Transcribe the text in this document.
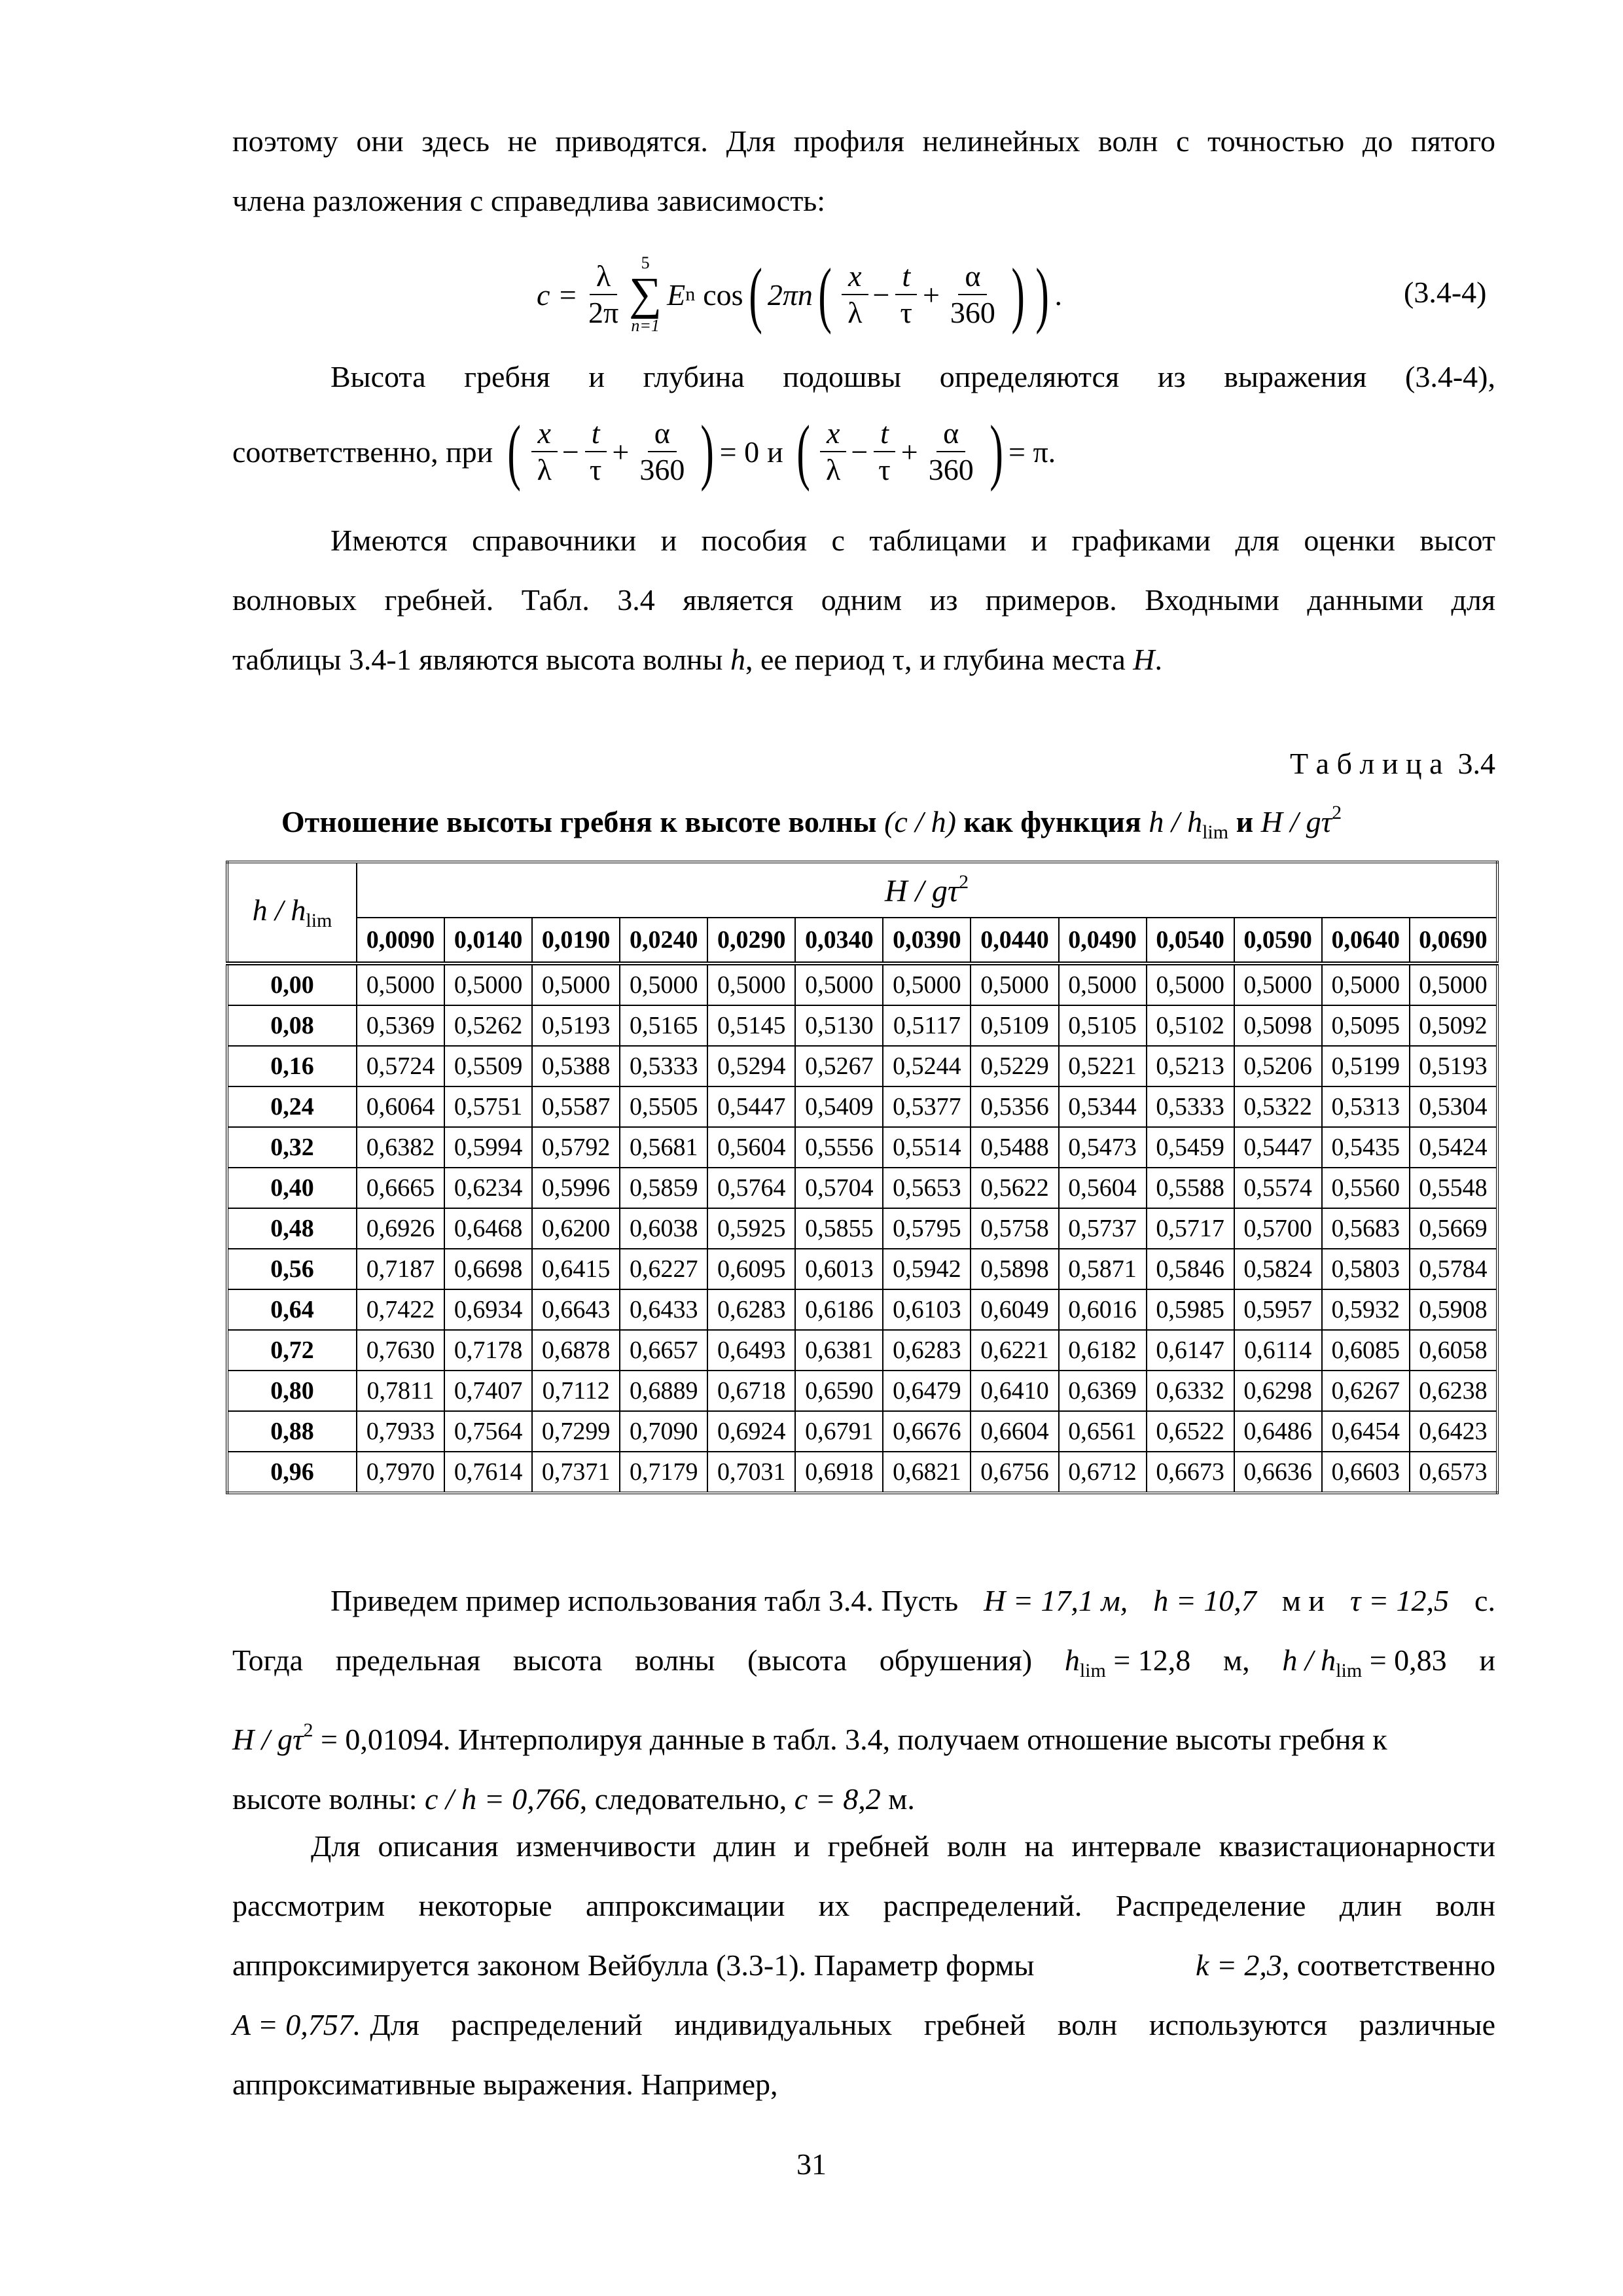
поэтому они здесь не приводятся. Для профиля нелинейных волн с точностью до пятого
члена разложения c справедлива зависимость:
$c = \frac{\lambda}{2\pi} 5$
∑
n=1
E n cos ( 2πn ( $\frac{x}{\lambda} - \frac{t}{\tau} + \frac{\alpha}{360}$ ) ) .	(3.4-4)
Высота гребня и глубина подошвы определяются из выражения (3.4-4),
соответственно, при ( $\frac{x}{\lambda} - \frac{t}{\tau} + \frac{\alpha}{360}$ ) = 0 и ( $\frac{x}{\lambda} - \frac{t}{\tau} + \frac{\alpha}{360}$ ) = π.
Имеются справочники и пособия с таблицами и графиками для оценки высот
волновых гребней. Табл. 3.4 является одним из примеров. Входными данными для
таблицы 3.4-1 являются высота волны h, ее период τ, и глубина места H.
Т а б л и ц а  3.4
Отношение высоты гребня к высоте волны (c / h) как функция h / $h_{lim}$ и H / $g\tau^2$
h / $h_{lim}$	H / $g\tau^2$
	0,0090	0,0140	0,0190	0,0240	0,0290	0,0340	0,0390	0,0440	0,0490	0,0540	0,0590	0,0640	0,0690
0,00	0,5000	0,5000	0,5000	0,5000	0,5000	0,5000	0,5000	0,5000	0,5000	0,5000	0,5000	0,5000	0,5000
0,08	0,5369	0,5262	0,5193	0,5165	0,5145	0,5130	0,5117	0,5109	0,5105	0,5102	0,5098	0,5095	0,5092
0,16	0,5724	0,5509	0,5388	0,5333	0,5294	0,5267	0,5244	0,5229	0,5221	0,5213	0,5206	0,5199	0,5193
0,24	0,6064	0,5751	0,5587	0,5505	0,5447	0,5409	0,5377	0,5356	0,5344	0,5333	0,5322	0,5313	0,5304
0,32	0,6382	0,5994	0,5792	0,5681	0,5604	0,5556	0,5514	0,5488	0,5473	0,5459	0,5447	0,5435	0,5424
0,40	0,6665	0,6234	0,5996	0,5859	0,5764	0,5704	0,5653	0,5622	0,5604	0,5588	0,5574	0,5560	0,5548
0,48	0,6926	0,6468	0,6200	0,6038	0,5925	0,5855	0,5795	0,5758	0,5737	0,5717	0,5700	0,5683	0,5669
0,56	0,7187	0,6698	0,6415	0,6227	0,6095	0,6013	0,5942	0,5898	0,5871	0,5846	0,5824	0,5803	0,5784
0,64	0,7422	0,6934	0,6643	0,6433	0,6283	0,6186	0,6103	0,6049	0,6016	0,5985	0,5957	0,5932	0,5908
0,72	0,7630	0,7178	0,6878	0,6657	0,6493	0,6381	0,6283	0,6221	0,6182	0,6147	0,6114	0,6085	0,6058
0,80	0,7811	0,7407	0,7112	0,6889	0,6718	0,6590	0,6479	0,6410	0,6369	0,6332	0,6298	0,6267	0,6238
0,88	0,7933	0,7564	0,7299	0,7090	0,6924	0,6791	0,6676	0,6604	0,6561	0,6522	0,6486	0,6454	0,6423
0,96	0,7970	0,7614	0,7371	0,7179	0,7031	0,6918	0,6821	0,6756	0,6712	0,6673	0,6636	0,6603	0,6573
Приведем пример использования табл 3.4. Пусть H = 17,1 м, h = 10,7 м и τ = 12,5 с.
Тогда предельная высота волны (высота обрушения) $h_{lim} = 12,8$ м, $h / h_{lim} = 0,83$ и
$H / g\tau^2 = 0,01094$. Интерполируя данные в табл. 3.4, получаем отношение высоты гребня к
высоте волны: c / h = 0,766, следовательно, c = 8,2 м.
Для описания изменчивости длин и гребней волн на интервале квазистационарности
рассмотрим некоторые аппроксимации их распределений. Распределение длин волн
аппроксимируется законом Вейбулла (3.3-1). Параметр формы	k = 2,3, соответственно
A = 0,757. Для распределений индивидуальных гребней волн используются различные
аппроксимативные выражения. Например,
31
